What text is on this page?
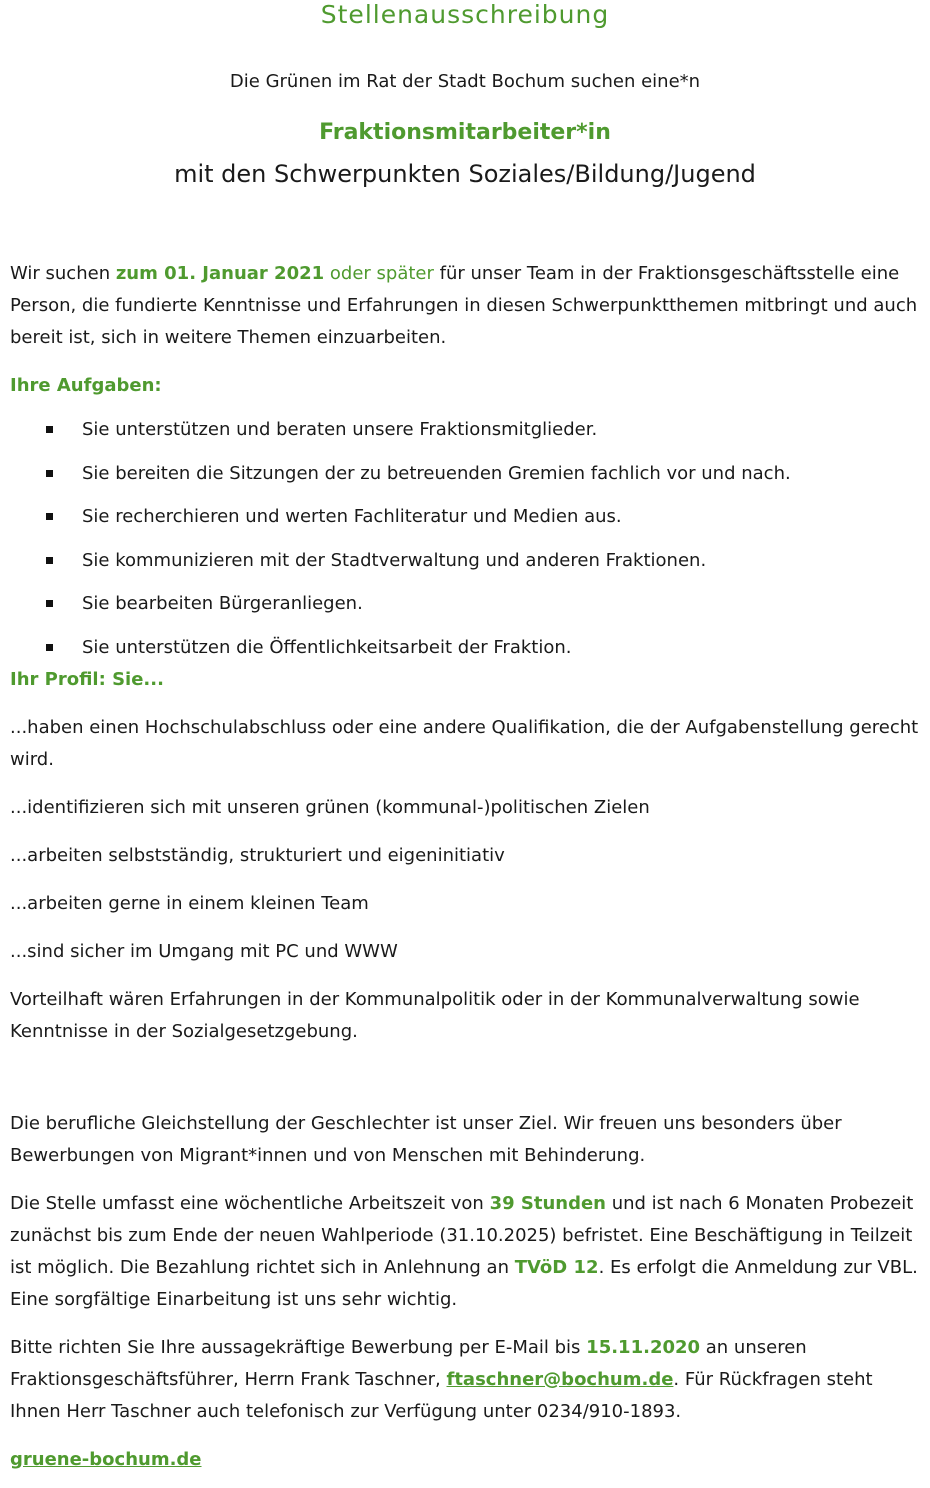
Stellenausschreibung
Die Grünen im Rat der Stadt Bochum suchen eine*n
Fraktionsmitarbeiter*in
mit den Schwerpunkten Soziales/Bildung/Jugend

Wir suchen zum 01. Januar 2021 oder später für unser Team in der Fraktionsgeschäftsstelle eine Person, die fundierte Kenntnisse und Erfahrungen in diesen Schwerpunktthemen mitbringt und auch bereit ist, sich in weitere Themen einzuarbeiten.

Ihre Aufgaben:

Sie unterstützen und beraten unsere Fraktionsmitglieder.
Sie bereiten die Sitzungen der zu betreuenden Gremien fachlich vor und nach.
Sie recherchieren und werten Fachliteratur und Medien aus.
Sie kommunizieren mit der Stadtverwaltung und anderen Fraktionen.
Sie bearbeiten Bürgeranliegen.
Sie unterstützen die Öffentlichkeitsarbeit der Fraktion.

Ihr Profil: Sie...

...haben einen Hochschulabschluss oder eine andere Qualifikation, die der Aufgabenstellung gerecht wird.

...identifizieren sich mit unseren grünen (kommunal-)politischen Zielen

...arbeiten selbstständig, strukturiert und eigeninitiativ

...arbeiten gerne in einem kleinen Team

...sind sicher im Umgang mit PC und WWW

Vorteilhaft wären Erfahrungen in der Kommunalpolitik oder in der Kommunalverwaltung sowie Kenntnisse in der Sozialgesetzgebung.

Die berufliche Gleichstellung der Geschlechter ist unser Ziel. Wir freuen uns besonders über Bewerbungen von Migrant*innen und von Menschen mit Behinderung.

Die Stelle umfasst eine wöchentliche Arbeitszeit von 39 Stunden und ist nach 6 Monaten Probezeit zunächst bis zum Ende der neuen Wahlperiode (31.10.2025) befristet. Eine Beschäftigung in Teilzeit ist möglich. Die Bezahlung richtet sich in Anlehnung an TVöD 12. Es erfolgt die Anmeldung zur VBL. Eine sorgfältige Einarbeitung ist uns sehr wichtig.

Bitte richten Sie Ihre aussagekräftige Bewerbung per E-Mail bis 15.11.2020 an unseren Fraktionsgeschäftsführer, Herrn Frank Taschner, ftaschner@bochum.de. Für Rückfragen steht Ihnen Herr Taschner auch telefonisch zur Verfügung unter 0234/910-1893.

gruene-bochum.de
